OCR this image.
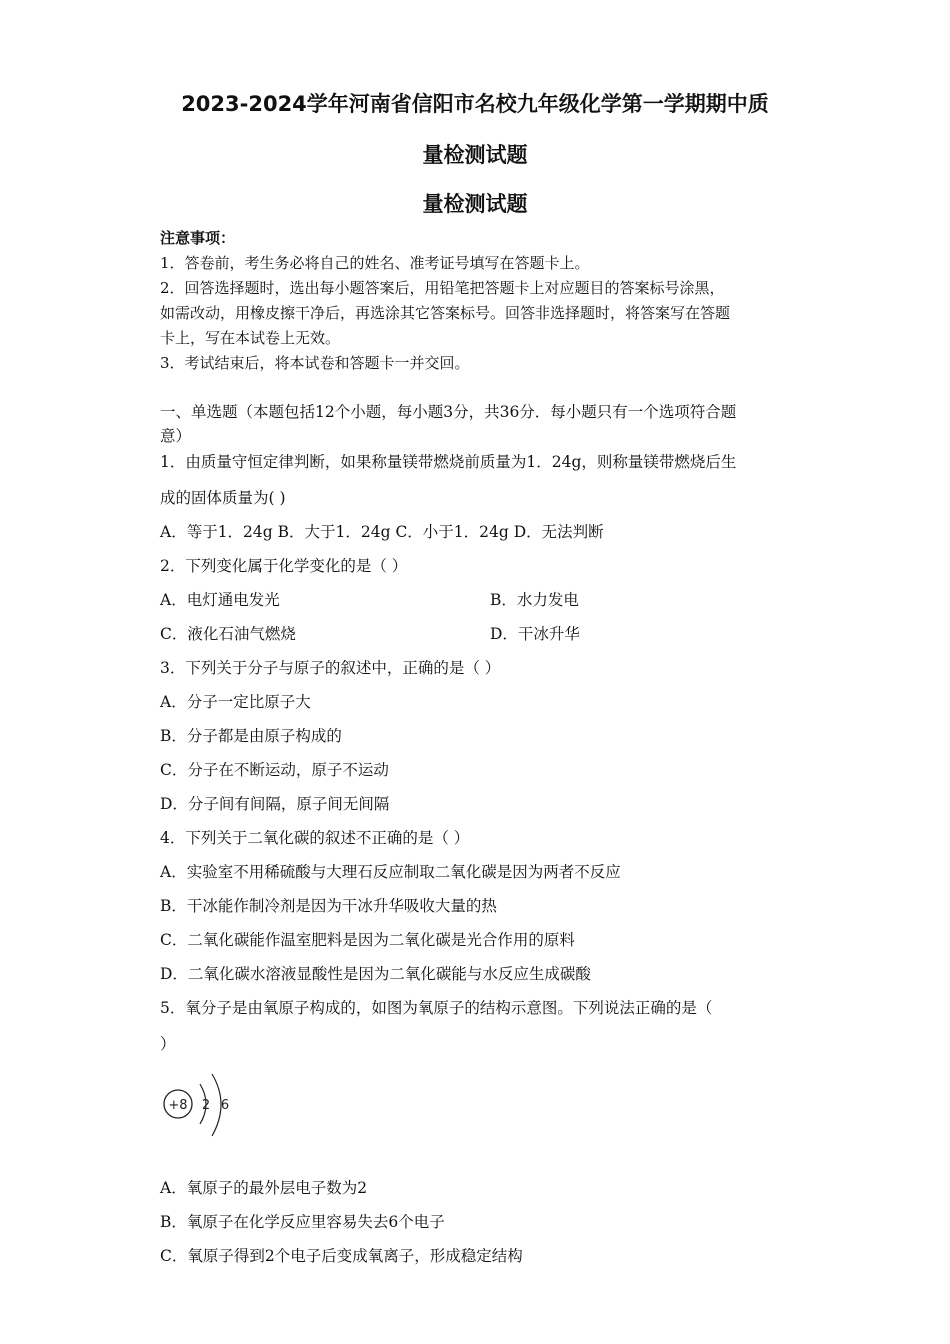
2023-2024学年河南省信阳市名校九年级化学第一学期期中质
量检测试题
量检测试题
注意事项：
1．答卷前，考生务必将自己的姓名、准考证号填写在答题卡上。
2．回答选择题时，选出每小题答案后，用铅笔把答题卡上对应题目的答案标号涂黑，
如需改动，用橡皮擦干净后，再选涂其它答案标号。回答非选择题时，将答案写在答题
卡上，写在本试卷上无效。
3．考试结束后，将本试卷和答题卡一并交回。
一、单选题（本题包括12个小题，每小题3分，共36分．每小题只有一个选项符合题
意）
1．由质量守恒定律判断，如果称量镁带燃烧前质量为1．24g，则称量镁带燃烧后生
成的固体质量为( )
A．等于1．24g B．大于1．24g C．小于1．24g D．无法判断
2．下列变化属于化学变化的是（ ）
A．电灯通电发光	B．水力发电
C．液化石油气燃烧	D．干冰升华
3．下列关于分子与原子的叙述中，正确的是（ ）
A．分子一定比原子大
B．分子都是由原子构成的
C．分子在不断运动，原子不运动
D．分子间有间隔，原子间无间隔
4．下列关于二氧化碳的叙述不正确的是（ ）
A．实验室不用稀硫酸与大理石反应制取二氧化碳是因为两者不反应
B．干冰能作制冷剂是因为干冰升华吸收大量的热
C．二氧化碳能作温室肥料是因为二氧化碳是光合作用的原料
D．二氧化碳水溶液显酸性是因为二氧化碳能与水反应生成碳酸
5．氧分子是由氧原子构成的，如图为氧原子的结构示意图。下列说法正确的是（
）
+8 2 6
A．氧原子的最外层电子数为2
B．氧原子在化学反应里容易失去6个电子
C．氧原子得到2个电子后变成氧离子，形成稳定结构
